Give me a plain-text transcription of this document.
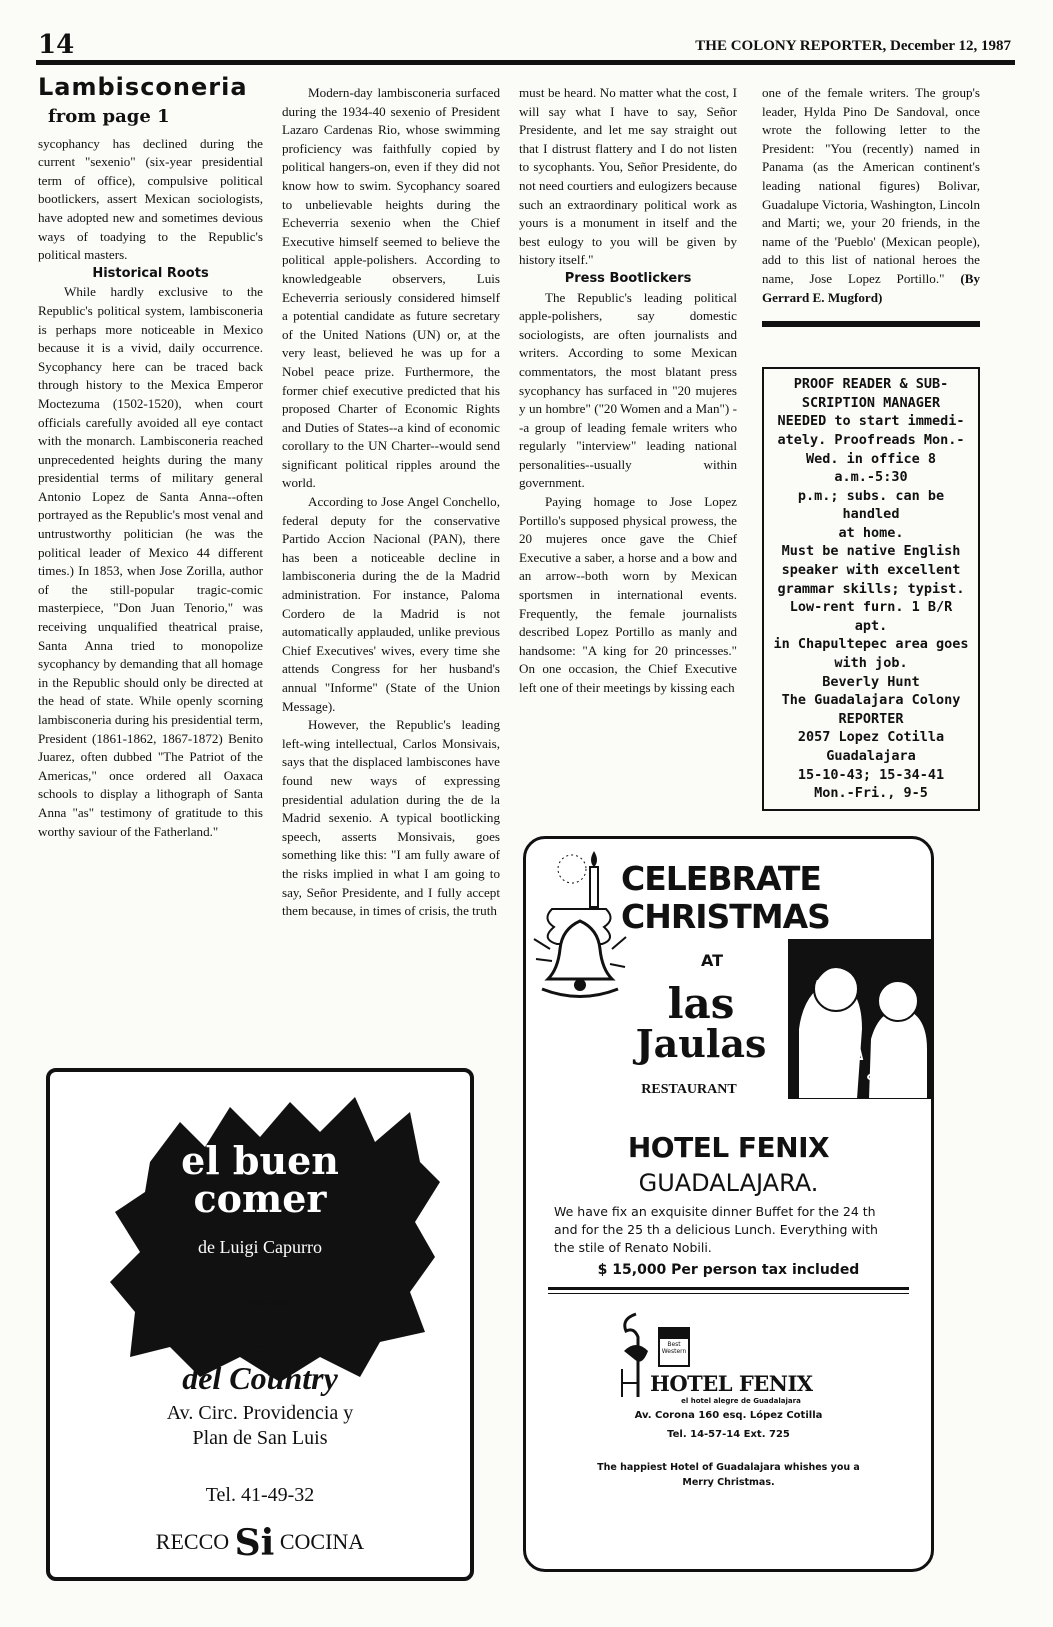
14	THE COLONY REPORTER, December 12, 1987
Lambisconeria
from page 1

sycophancy has declined during the current "sexenio" (six-year presidential term of office), compulsive political bootlickers, assert Mexican sociologists, have adopted new and sometimes devious ways of toadying to the Republic's political masters.

Historical Roots

While hardly exclusive to the Republic's political system, lambisconeria is perhaps more noticeable in Mexico because it is a vivid, daily occurrence. Sycophancy here can be traced back through history to the Mexica Emperor Moctezuma (1502-1520), when court officials carefully avoided all eye contact with the monarch. Lambisconeria reached unprecedented heights during the many presidential terms of military general Antonio Lopez de Santa Anna--often portrayed as the Republic's most venal and untrustworthy politician (he was the political leader of Mexico 44 different times.) In 1853, when Jose Zorilla, author of the still-popular tragic-comic masterpiece, "Don Juan Tenorio," was receiving unqualified theatrical praise, Santa Anna tried to monopolize sycophancy by demanding that all homage in the Republic should only be directed at the head of state. While openly scorning lambisconeria during his presidential term, President (1861-1862, 1867-1872) Benito Juarez, often dubbed "The Patriot of the Americas," once ordered all Oaxaca schools to display a lithograph of Santa Anna "as" testimony of gratitude to this worthy saviour of the Fatherland."

Modern-day lambisconeria surfaced during the 1934-40 sexenio of President Lazaro Cardenas Rio, whose swimming proficiency was faithfully copied by political hangers-on, even if they did not know how to swim. Sycophancy soared to unbelievable heights during the Echeverria sexenio when the Chief Executive himself seemed to believe the political apple-polishers. According to knowledgeable observers, Luis Echeverria seriously considered himself a potential candidate as future secretary of the United Nations (UN) or, at the very least, believed he was up for a Nobel peace prize. Furthermore, the former chief executive predicted that his proposed Charter of Economic Rights and Duties of States--a kind of economic corollary to the UN Charter--would send significant political ripples around the world.

According to Jose Angel Conchello, federal deputy for the conservative Partido Accion Nacional (PAN), there has been a noticeable decline in lambisconeria during the de la Madrid administration. For instance, Paloma Cordero de la Madrid is not automatically applauded, unlike previous Chief Executives' wives, every time she attends Congress for her husband's annual "Informe" (State of the Union Message).

However, the Republic's leading left-wing intellectual, Carlos Monsivais, says that the displaced lambiscones have found new ways of expressing presidential adulation during the de la Madrid sexenio. A typical bootlicking speech, asserts Monsivais, goes something like this: "I am fully aware of the risks implied in what I am going to say, Señor Presidente, and I fully accept them because, in times of crisis, the truth

must be heard. No matter what the cost, I will say what I have to say, Señor Presidente, and let me say straight out that I distrust flattery and I do not listen to sycophants. You, Señor Presidente, do not need courtiers and eulogizers because such an extraordinary political work as yours is a monument in itself and the best eulogy to you will be given by history itself."

Press Bootlickers

The Republic's leading political apple-polishers, say domestic sociologists, are often journalists and writers. According to some Mexican commentators, the most blatant press sycophancy has surfaced in "20 mujeres y un hombre" ("20 Women and a Man") --a group of leading female writers who regularly "interview" leading national personalities--usually within government.

Paying homage to Jose Lopez Portillo's supposed physical prowess, the 20 mujeres once gave the Chief Executive a saber, a horse and a bow and an arrow--both worn by Mexican sportsmen in international events. Frequently, the female journalists described Lopez Portillo as manly and handsome: "A king for 20 princesses." On one occasion, the Chief Executive left one of their meetings by kissing each

one of the female writers. The group's leader, Hylda Pino De Sandoval, once wrote the following letter to the President: "You (recently) named in Panama (as the American continent's leading national figures) Bolivar, Guadalupe Victoria, Washington, Lincoln and Marti; we, your 20 friends, in the name of the 'Pueblo' (Mexican people), add to this list of national heroes the name, Jose Lopez Portillo." (By Gerrard E. Mugford)

PROOF READER & SUB-
SCRIPTION MANAGER
NEEDED to start immedi-
ately. Proofreads Mon.-
Wed. in office 8 a.m.-5:30
p.m.; subs. can be handled
at home.
Must be native English
speaker with excellent
grammar skills; typist.
Low-rent furn. 1 B/R apt.
in Chapultepec area goes
with job.
Beverly Hunt
The Guadalajara Colony
REPORTER
2057 Lopez Cotilla
Guadalajara
15-10-43; 15-34-41
Mon.-Fri., 9-5
el buen
comer
de Luigi Capurro
Restaurant
RECCO
del Country
Av. Circ. Providencia y
Plan de San Luis
Tel. 41-49-32
RECCO Si COCINA
CELEBRATE
CHRISTMAS
AT
las
Jaulas
RESTAURANT
HOTEL FENIX
GUADALAJARA.
We have fix an exquisite dinner Buffet for the 24 th and for the 25 th a delicious Lunch. Everything with the stile of Renato Nobili.
$ 15,000 Per person tax included
Best Western
HOTEL FENIX
el hotel alegre de Guadalajara
Av. Corona 160 esq. López Cotilla
Tel. 14-57-14 Ext. 725
The happiest Hotel of Guadalajara whishes you a
Merry Christmas.
